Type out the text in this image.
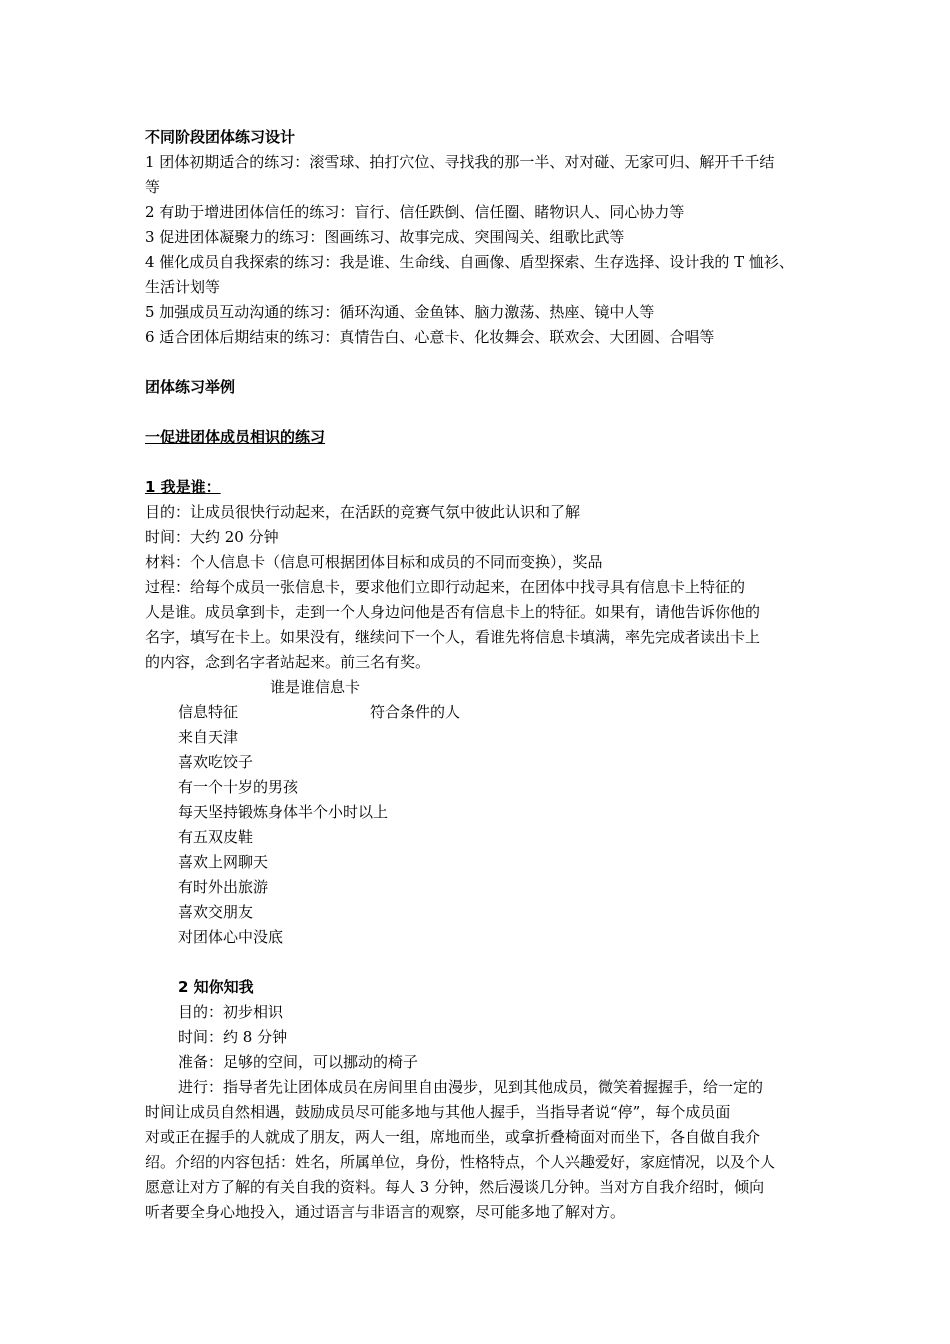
不同阶段团体练习设计
1 团体初期适合的练习：滚雪球、拍打穴位、寻找我的那一半、对对碰、无家可归、解开千千结
等
2 有助于增进团体信任的练习：盲行、信任跌倒、信任圈、睹物识人、同心协力等
3 促进团体凝聚力的练习：图画练习、故事完成、突围闯关、组歌比武等
4 催化成员自我探索的练习：我是谁、生命线、自画像、盾型探索、生存选择、设计我的 T 恤衫、
生活计划等
5 加强成员互动沟通的练习：循环沟通、金鱼钵、脑力激荡、热座、镜中人等
6 适合团体后期结束的练习：真情告白、心意卡、化妆舞会、联欢会、大团圆、合唱等
团体练习举例
一促进团体成员相识的练习
1 我是谁：
目的：让成员很快行动起来，在活跃的竞赛气氛中彼此认识和了解
时间：大约 20 分钟
材料：个人信息卡（信息可根据团体目标和成员的不同而变换），奖品
过程：给每个成员一张信息卡，要求他们立即行动起来，在团体中找寻具有信息卡上特征的
人是谁。成员拿到卡，走到一个人身边问他是否有信息卡上的特征。如果有，请他告诉你他的
名字，填写在卡上。如果没有，继续问下一个人，看谁先将信息卡填满，率先完成者读出卡上
的内容，念到名字者站起来。前三名有奖。
谁是谁信息卡
信息特征	符合条件的人
来自天津
喜欢吃饺子
有一个十岁的男孩
每天坚持锻炼身体半个小时以上
有五双皮鞋
喜欢上网聊天
有时外出旅游
喜欢交朋友
对团体心中没底
2 知你知我
目的：初步相识
时间：约 8 分钟
准备：足够的空间，可以挪动的椅子
进行：指导者先让团体成员在房间里自由漫步，见到其他成员，微笑着握握手，给一定的
时间让成员自然相遇，鼓励成员尽可能多地与其他人握手，当指导者说“停”，每个成员面
对或正在握手的人就成了朋友，两人一组，席地而坐，或拿折叠椅面对而坐下，各自做自我介
绍。介绍的内容包括：姓名，所属单位，身份，性格特点，个人兴趣爱好，家庭情况，以及个人
愿意让对方了解的有关自我的资料。每人 3 分钟，然后漫谈几分钟。当对方自我介绍时，倾向
听者要全身心地投入，通过语言与非语言的观察，尽可能多地了解对方。
